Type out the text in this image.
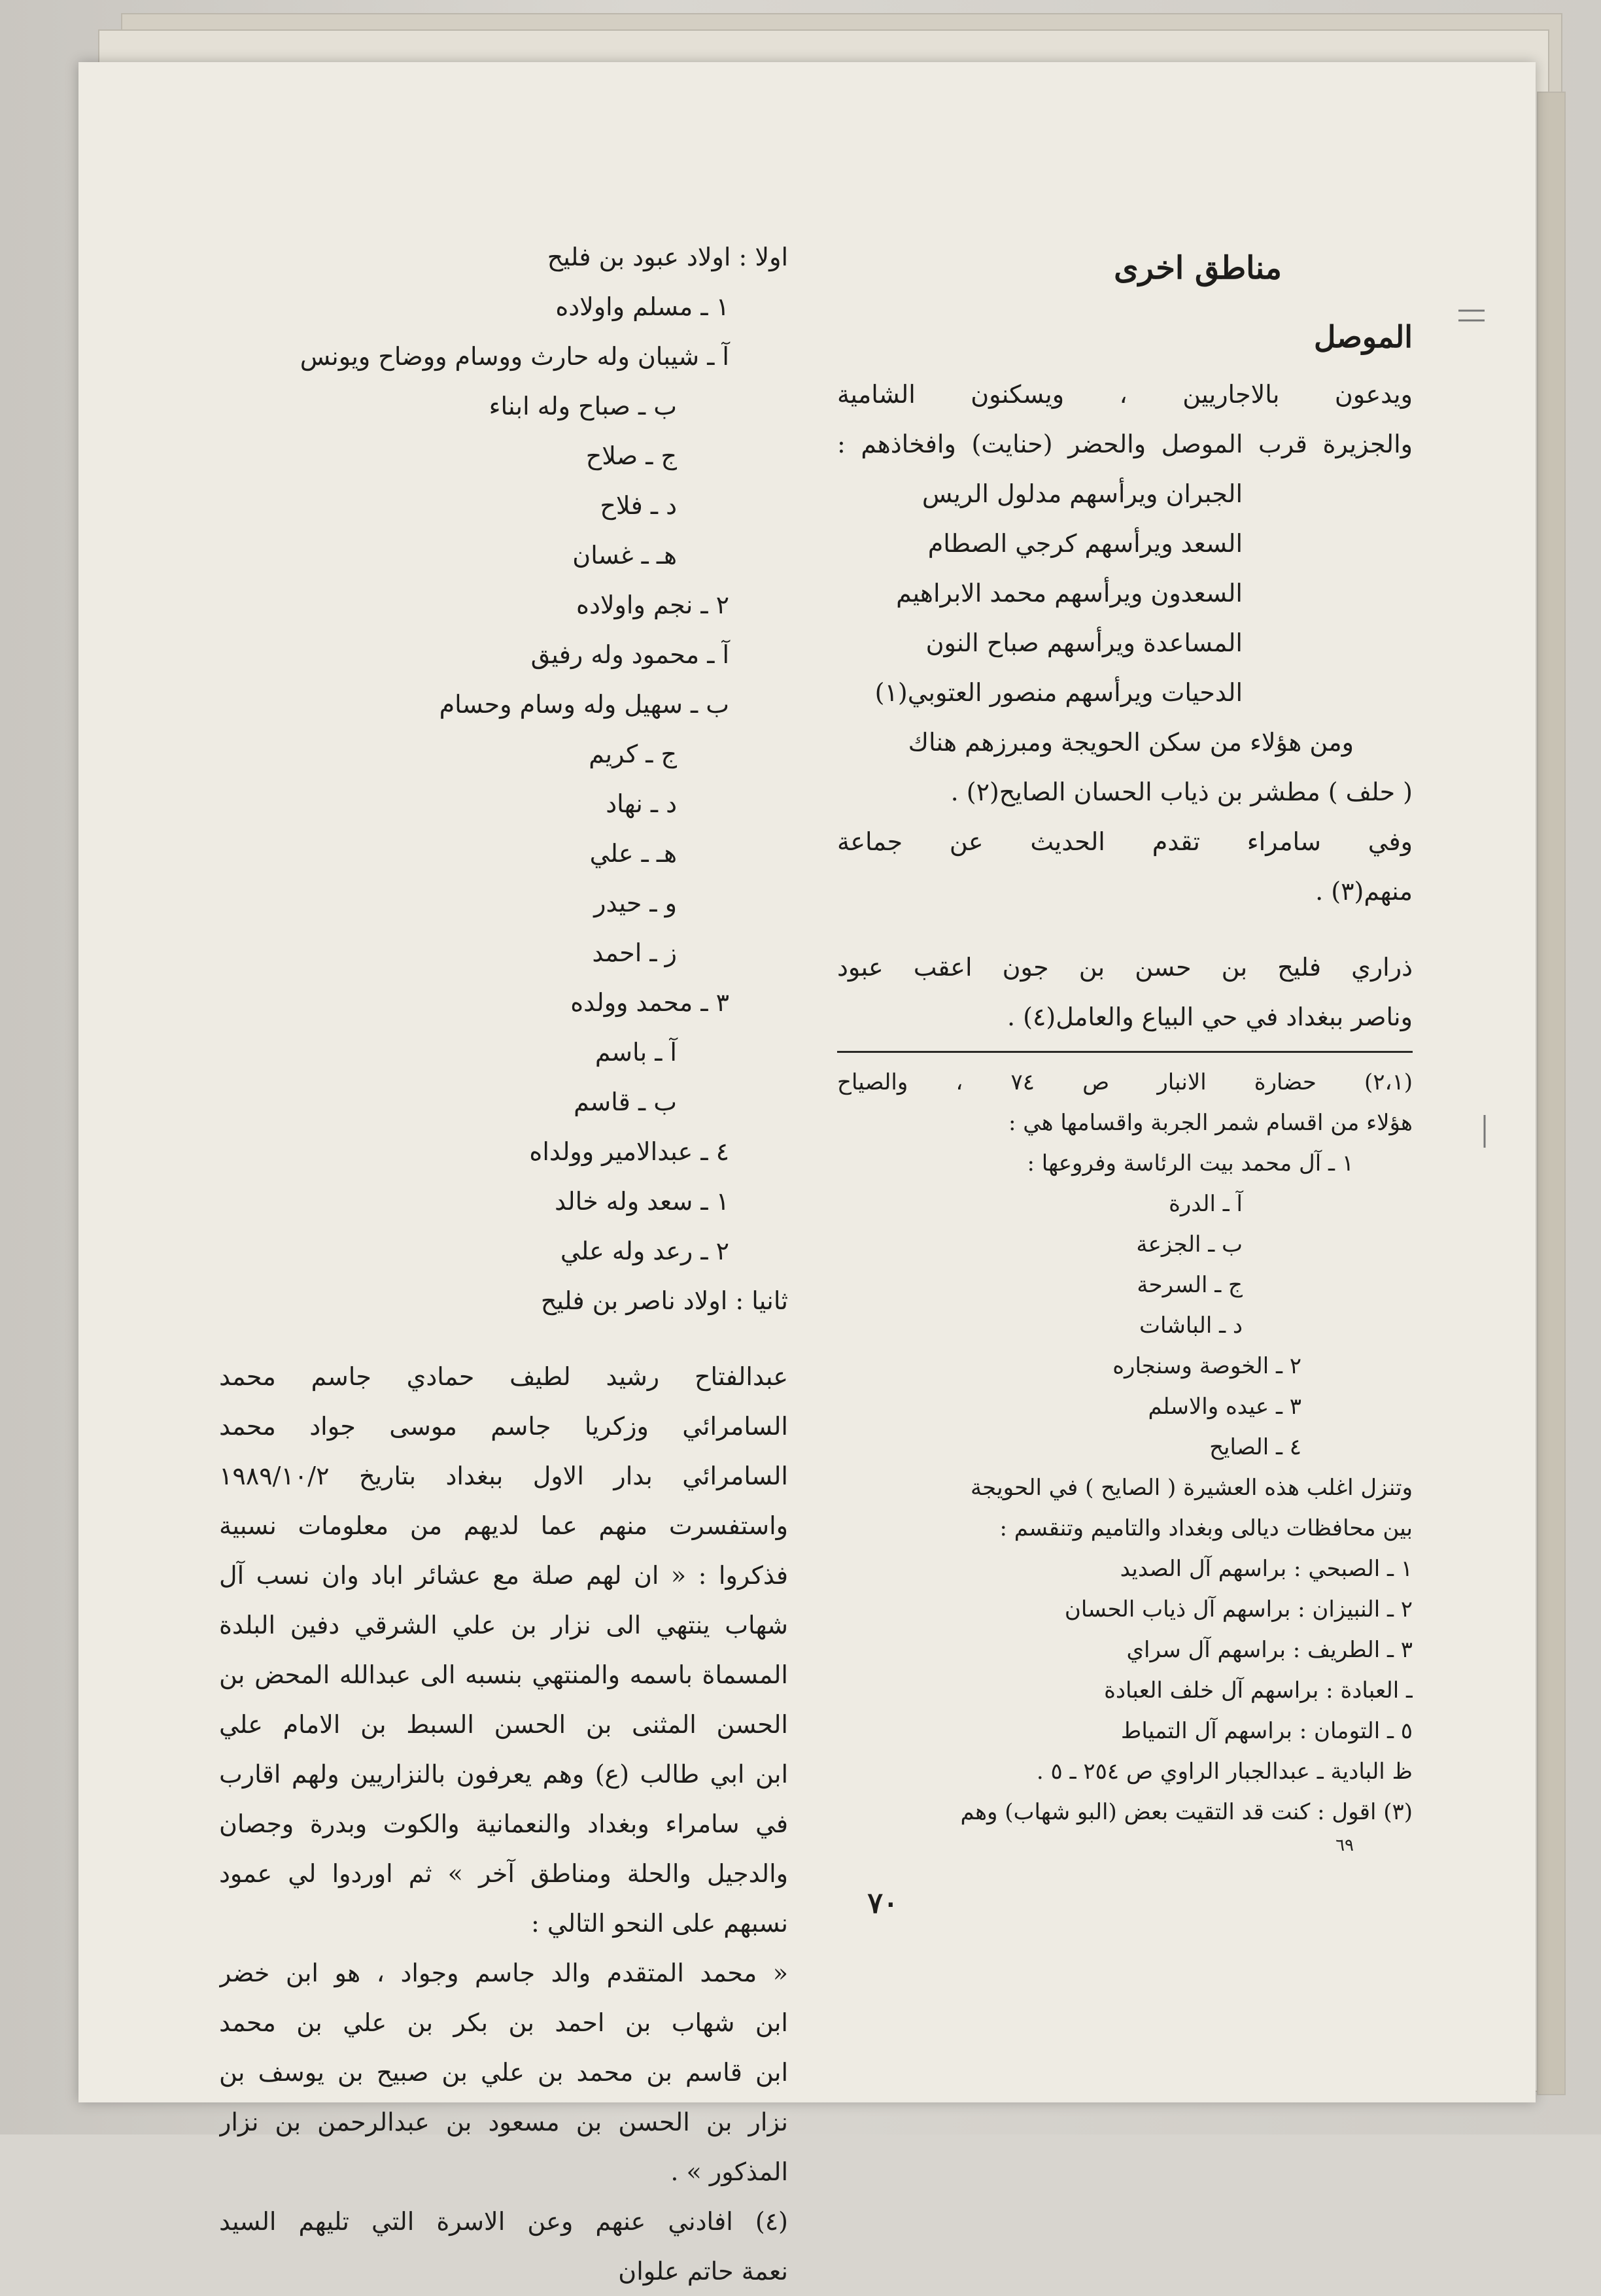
مناطق اخرى
الموصل
ويدعون بالاجاريين ، ويسكنون الشامية
والجزيرة قرب الموصل والحضر (حنايت) وافخاذهم :
الجبران ويرأسهم مدلول الريس
السعد ويرأسهم كرجي الصطام
السعدون ويرأسهم محمد الابراهيم
المساعدة ويرأسهم صباح النون
الدحيات ويرأسهم منصور العتوبي(١)
ومن هؤلاء من سكن الحويجة ومبرزهم هناك
( حلف ) مطشر بن ذياب الحسان الصايح(٢) .
وفي سامراء تقدم الحديث عن جماعة
منهم(٣) .
ذراري فليح بن حسن بن جون اعقب عبود
وناصر ببغداد في حي البياع والعامل(٤) .
(٢،١) حضارة الانبار ص ٧٤ ، والصياح
هؤلاء من اقسام شمر الجربة واقسامها هي :
١ ـ آل محمد بيت الرئاسة وفروعها :
آ ـ الدرة
ب ـ الجزعة
ج ـ السرحة
د ـ الباشات
٢ ـ الخوصة وسنجاره
٣ ـ عيده والاسلم
٤ ـ الصايح
وتنزل اغلب هذه العشيرة ( الصايح ) في الحويجة
بين محافظات ديالى وبغداد والتاميم وتنقسم :
١ ـ الصبحي : براسهم آل الصديد
٢ ـ النبيزان : براسهم آل ذياب الحسان
٣ ـ الطريف : براسهم آل سراي
ـ العبادة : براسهم آل خلف العبادة
٥ ـ التومان : براسهم آل التمياط
ظ البادية ـ عبدالجبار الراوي ص ٢٥٤ ـ ٥ .
(٣) اقول : كنت قد التقيت بعض (البو شهاب) وهم
٦٩
اولا : اولاد عبود بن فليح
١ ـ مسلم واولاده
آ ـ شيبان وله حارث ووسام ووضاح ويونس
ب ـ صباح وله ابناء
ج ـ صلاح
د ـ فلاح
هـ ـ غسان
٢ ـ نجم واولاده
آ ـ محمود وله رفيق
ب ـ سهيل وله وسام وحسام
ج ـ كريم
د ـ نهاد
هـ ـ علي
و ـ حيدر
ز ـ احمد
٣ ـ محمد وولده
آ ـ باسم
ب ـ قاسم
٤ ـ عبدالامير وولداه
١ ـ سعد وله خالد
٢ ـ رعد وله علي
ثانيا : اولاد ناصر بن فليح
عبدالفتاح رشيد لطيف حمادي جاسم محمد
السامرائي وزكريا جاسم موسى جواد محمد
السامرائي بدار الاول ببغداد بتاريخ ١٩٨٩/١٠/٢
واستفسرت منهم عما لديهم من معلومات نسبية
فذكروا : « ان لهم صلة مع عشائر اباد وان نسب آل
شهاب ينتهي الى نزار بن علي الشرقي دفين البلدة
المسماة باسمه والمنتهي بنسبه الى عبدالله المحض بن
الحسن المثنى بن الحسن السبط بن الامام علي
ابن ابي طالب (ع) وهم يعرفون بالنزاريين ولهم اقارب
في سامراء وبغداد والنعمانية والكوت وبدرة وجصان
والدجيل والحلة ومناطق آخر » ثم اوردوا لي عمود
نسبهم على النحو التالي :
« محمد المتقدم والد جاسم وجواد ، هو ابن خضر
ابن شهاب بن احمد بن بكر بن علي بن محمد
ابن قاسم بن محمد بن علي بن صبيح بن يوسف بن
نزار بن الحسن بن مسعود بن عبدالرحمن بن نزار
المذكور » .
(٤) افادني عنهم وعن الاسرة التي تليهم السيد
نعمة حاتم علوان
٧٠
